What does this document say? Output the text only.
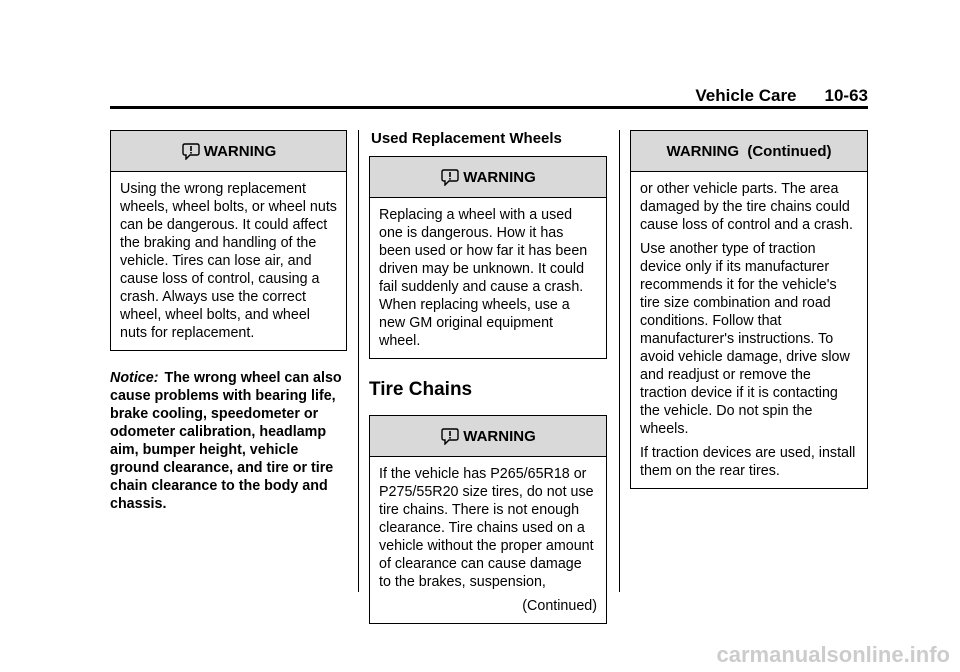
Vehicle Care 10-63
WARNING

Using the wrong replacement wheels, wheel bolts, or wheel nuts can be dangerous. It could affect the braking and handling of the vehicle. Tires can lose air, and cause loss of control, causing a crash. Always use the correct wheel, wheel bolts, and wheel nuts for replacement.

Notice: The wrong wheel can also cause problems with bearing life, brake cooling, speedometer or odometer calibration, headlamp aim, bumper height, vehicle ground clearance, and tire or tire chain clearance to the body and chassis.
Used Replacement Wheels
WARNING

Replacing a wheel with a used one is dangerous. How it has been used or how far it has been driven may be unknown. It could fail suddenly and cause a crash. When replacing wheels, use a new GM original equipment wheel.

Tire Chains
WARNING

If the vehicle has P265/65R18 or P275/55R20 size tires, do not use tire chains. There is not enough clearance. Tire chains used on a vehicle without the proper amount of clearance can cause damage to the brakes, suspension,

(Continued)

WARNING  (Continued)

or other vehicle parts. The area damaged by the tire chains could cause loss of control and a crash.

Use another type of traction device only if its manufacturer recommends it for the vehicle's tire size combination and road conditions. Follow that manufacturer's instructions. To avoid vehicle damage, drive slow and readjust or remove the traction device if it is contacting the vehicle. Do not spin the wheels.

If traction devices are used, install them on the rear tires.

carmanualsonline.info
